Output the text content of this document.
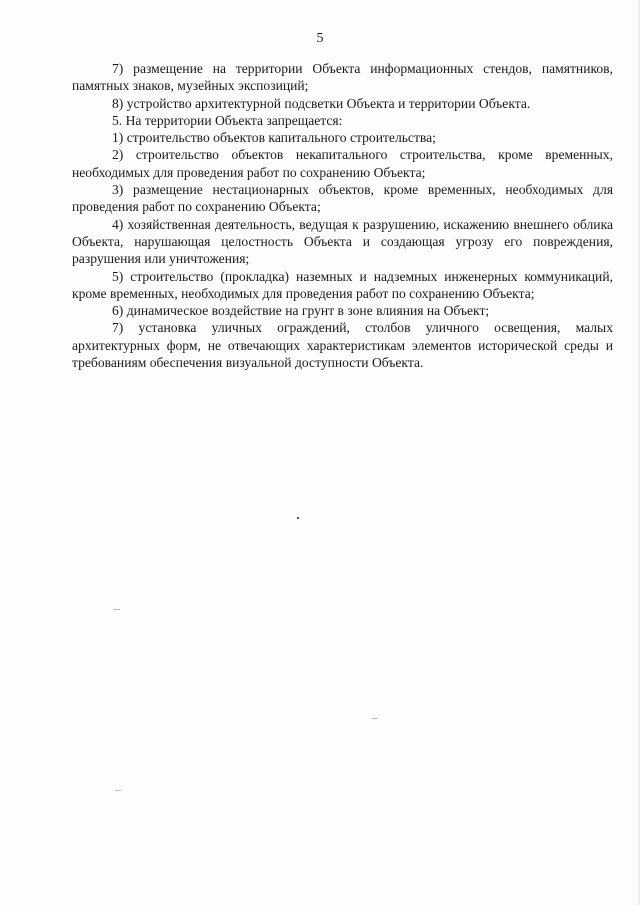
5

7) размещение на территории Объекта информационных стендов, памятников, памятных знаков, музейных экспозиций;

8) устройство архитектурной подсветки Объекта и территории Объекта.

5. На территории Объекта запрещается:

1) строительство объектов капитального строительства;

2) строительство объектов некапитального строительства, кроме временных, необходимых для проведения работ по сохранению Объекта;

3) размещение нестационарных объектов, кроме временных, необходимых для проведения работ по сохранению Объекта;

4) хозяйственная деятельность, ведущая к разрушению, искажению внешнего облика Объекта, нарушающая целостность Объекта и создающая угрозу его повреждения, разрушения или уничтожения;

5) строительство (прокладка) наземных и надземных инженерных коммуникаций, кроме временных, необходимых для проведения работ по сохранению Объекта;

6) динамическое воздействие на грунт в зоне влияния на Объект;

7) установка уличных ограждений, столбов уличного освещения, малых архитектурных форм, не отвечающих характеристикам элементов исторической среды и требованиям обеспечения визуальной доступности Объекта.
